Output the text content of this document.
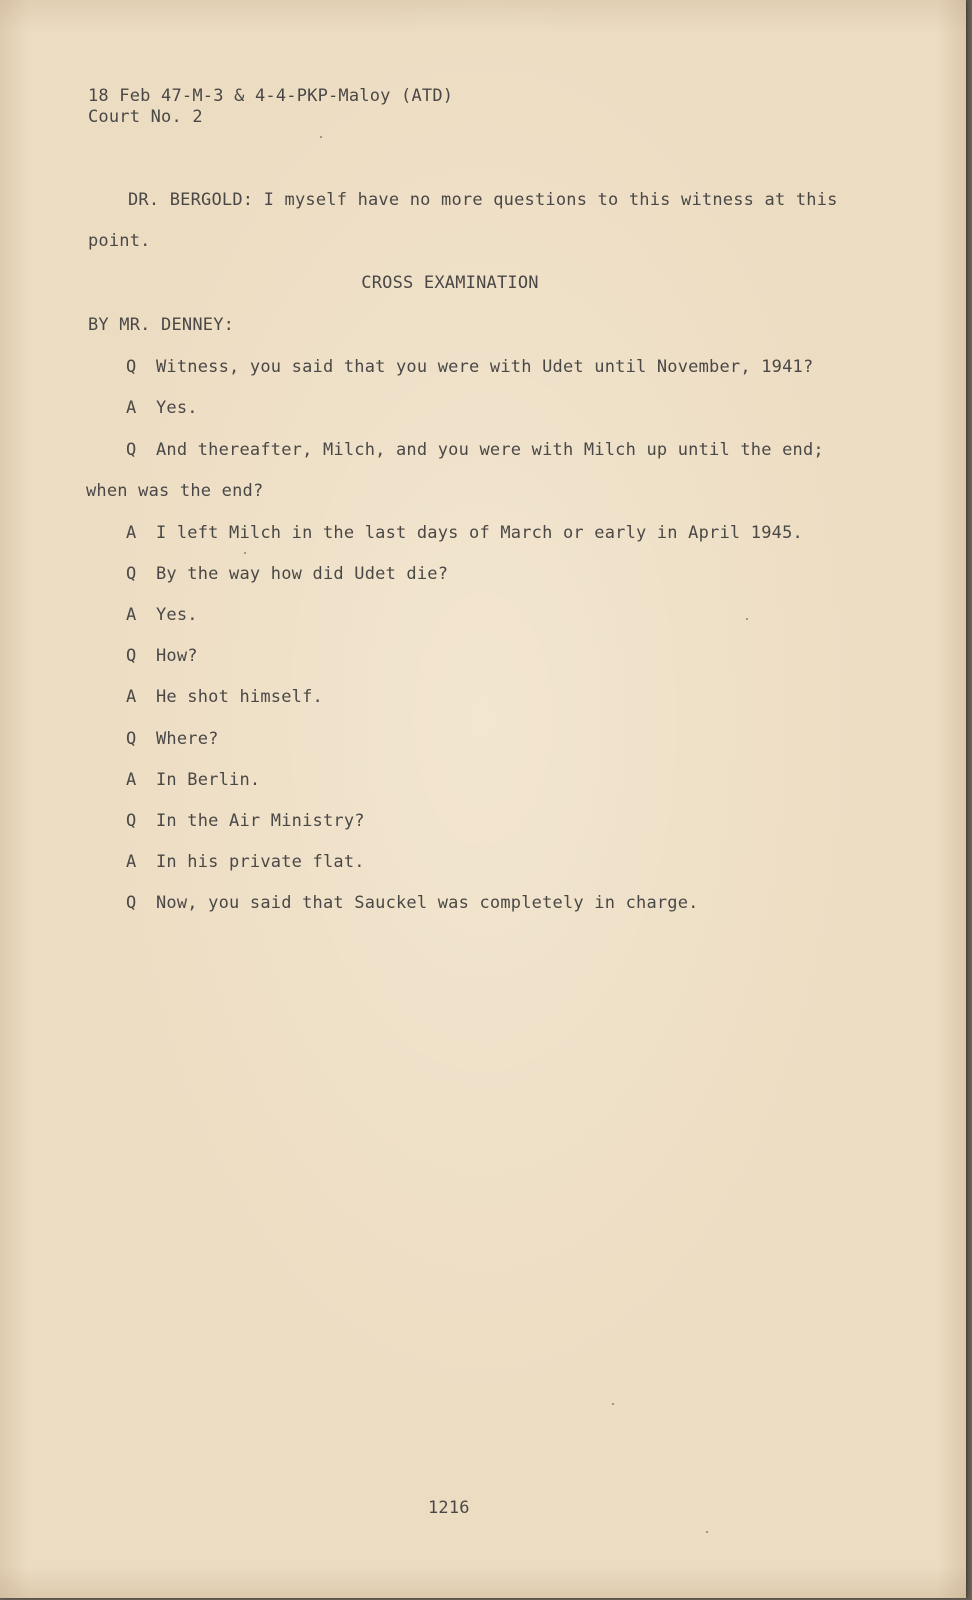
18 Feb 47-M-3 & 4-4-PKP-Maloy (ATD)
Court No. 2
DR. BERGOLD: I myself have no more questions to this witness at this
point.
CROSS EXAMINATION
BY MR. DENNEY:
Q Witness, you said that you were with Udet until November, 1941?
A Yes.
Q And thereafter, Milch, and you were with Milch up until the end;
when was the end?
A I left Milch in the last days of March or early in April 1945.
Q By the way how did Udet die?
A Yes.
Q How?
A He shot himself.
Q Where?
A In Berlin.
Q In the Air Ministry?
A In his private flat.
Q Now, you said that Sauckel was completely in charge.
1216
